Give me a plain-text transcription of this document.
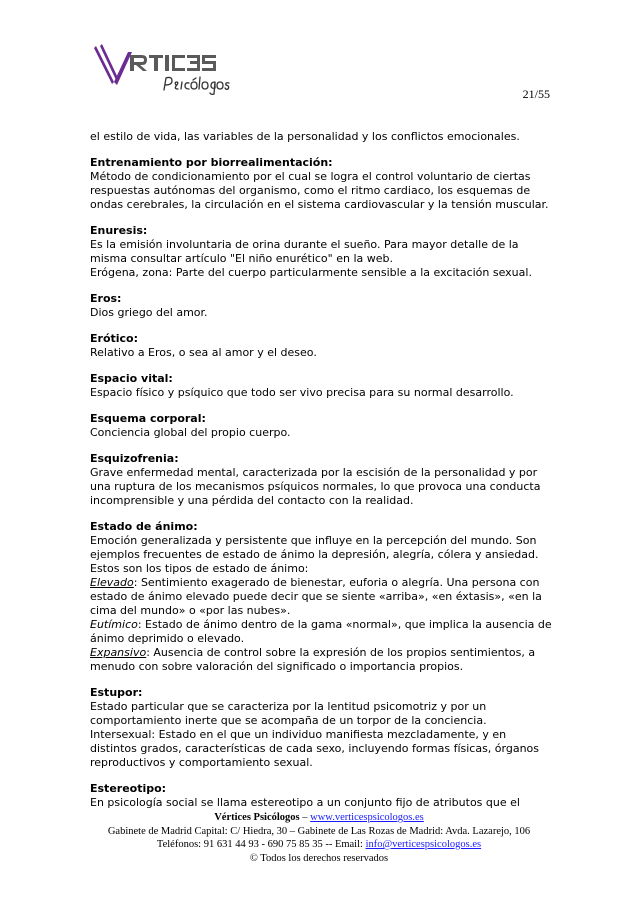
21/55

el estilo de vida, las variables de la personalidad y los conflictos emocionales.

Entrenamiento por biorrealimentación:

Método de condicionamiento por el cual se logra el control voluntario de ciertas

respuestas autónomas del organismo, como el ritmo cardiaco, los esquemas de

ondas cerebrales, la circulación en el sistema cardiovascular y la tensión muscular.

Enuresis:

Es la emisión involuntaria de orina durante el sueño. Para mayor detalle de la

misma consultar artículo "El niño enurético" en la web.

Erógena, zona: Parte del cuerpo particularmente sensible a la excitación sexual.

Eros:

Dios griego del amor.

Erótico:

Relativo a Eros, o sea al amor y el deseo.

Espacio vital:

Espacio físico y psíquico que todo ser vivo precisa para su normal desarrollo.

Esquema corporal:

Conciencia global del propio cuerpo.

Esquizofrenia:

Grave enfermedad mental, caracterizada por la escisión de la personalidad y por

una ruptura de los mecanismos psíquicos normales, lo que provoca una conducta

incomprensible y una pérdida del contacto con la realidad.

Estado de ánimo:

Emoción generalizada y persistente que influye en la percepción del mundo. Son

ejemplos frecuentes de estado de ánimo la depresión, alegría, cólera y ansiedad.

Estos son los tipos de estado de ánimo:

Elevado: Sentimiento exagerado de bienestar, euforia o alegría. Una persona con

estado de ánimo elevado puede decir que se siente «arriba», «en éxtasis», «en la

cima del mundo» o «por las nubes».

Eutímico: Estado de ánimo dentro de la gama «normal», que implica la ausencia de

ánimo deprimido o elevado.

Expansivo: Ausencia de control sobre la expresión de los propios sentimientos, a

menudo con sobre valoración del significado o importancia propios.

Estupor:

Estado particular que se caracteriza por la lentitud psicomotriz y por un

comportamiento inerte que se acompaña de un torpor de la conciencia.

Intersexual: Estado en el que un individuo manifiesta mezcladamente, y en

distintos grados, características de cada sexo, incluyendo formas físicas, órganos

reproductivos y comportamiento sexual.

Estereotipo:

En psicología social se llama estereotipo a un conjunto fijo de atributos que el

Vértices Psicólogos – www.verticespsicologos.es
Gabinete de Madrid Capital: C/ Hiedra, 30 – Gabinete de Las Rozas de Madrid: Avda. Lazarejo, 106
Teléfonos: 91 631 44 93 - 690 75 85 35 -- Email: info@verticespsicologos.es
© Todos los derechos reservados
